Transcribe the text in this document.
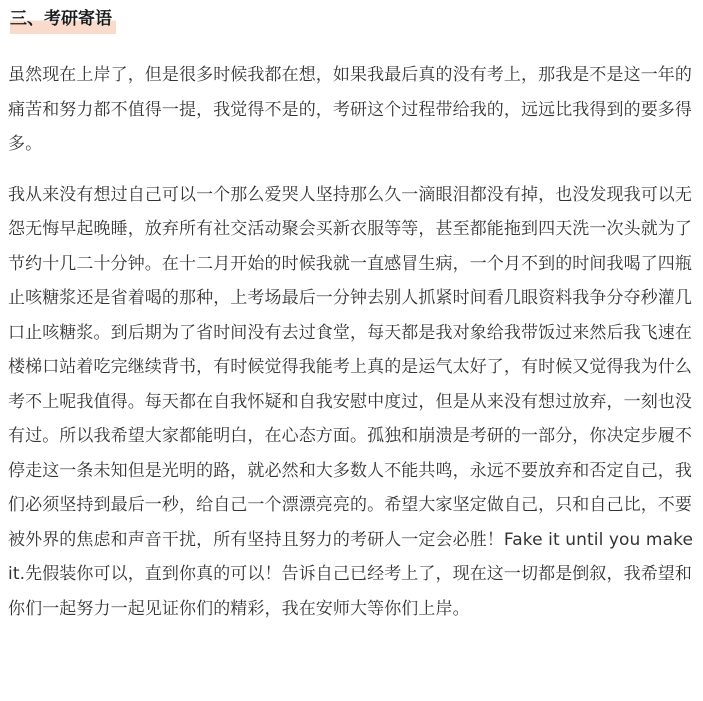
三、考研寄语

虽然现在上岸了，但是很多时候我都在想，如果我最后真的没有考上，那我是不是这一年的痛苦和努力都不值得一提，我觉得不是的，考研这个过程带给我的，远远比我得到的要多得多。

我从来没有想过自己可以一个那么爱哭人坚持那么久一滴眼泪都没有掉，也没发现我可以无怨无悔早起晚睡，放弃所有社交活动聚会买新衣服等等，甚至都能拖到四天洗一次头就为了节约十几二十分钟。在十二月开始的时候我就一直感冒生病，一个月不到的时间我喝了四瓶止咳糖浆还是省着喝的那种，上考场最后一分钟去别人抓紧时间看几眼资料我争分夺秒灌几口止咳糖浆。到后期为了省时间没有去过食堂，每天都是我对象给我带饭过来然后我飞速在楼梯口站着吃完继续背书，有时候觉得我能考上真的是运气太好了，有时候又觉得我为什么考不上呢我值得。每天都在自我怀疑和自我安慰中度过，但是从来没有想过放弃，一刻也没有过。所以我希望大家都能明白，在心态方面。孤独和崩溃是考研的一部分，你决定步履不停走这一条未知但是光明的路，就必然和大多数人不能共鸣，永远不要放弃和否定自己，我们必须坚持到最后一秒，给自己一个漂漂亮亮的。希望大家坚定做自己，只和自己比，不要被外界的焦虑和声音干扰，所有坚持且努力的考研人一定会必胜！Fake it until you make it.先假装你可以，直到你真的可以！告诉自己已经考上了，现在这一切都是倒叙，我希望和你们一起努力一起见证你们的精彩，我在安师大等你们上岸。
